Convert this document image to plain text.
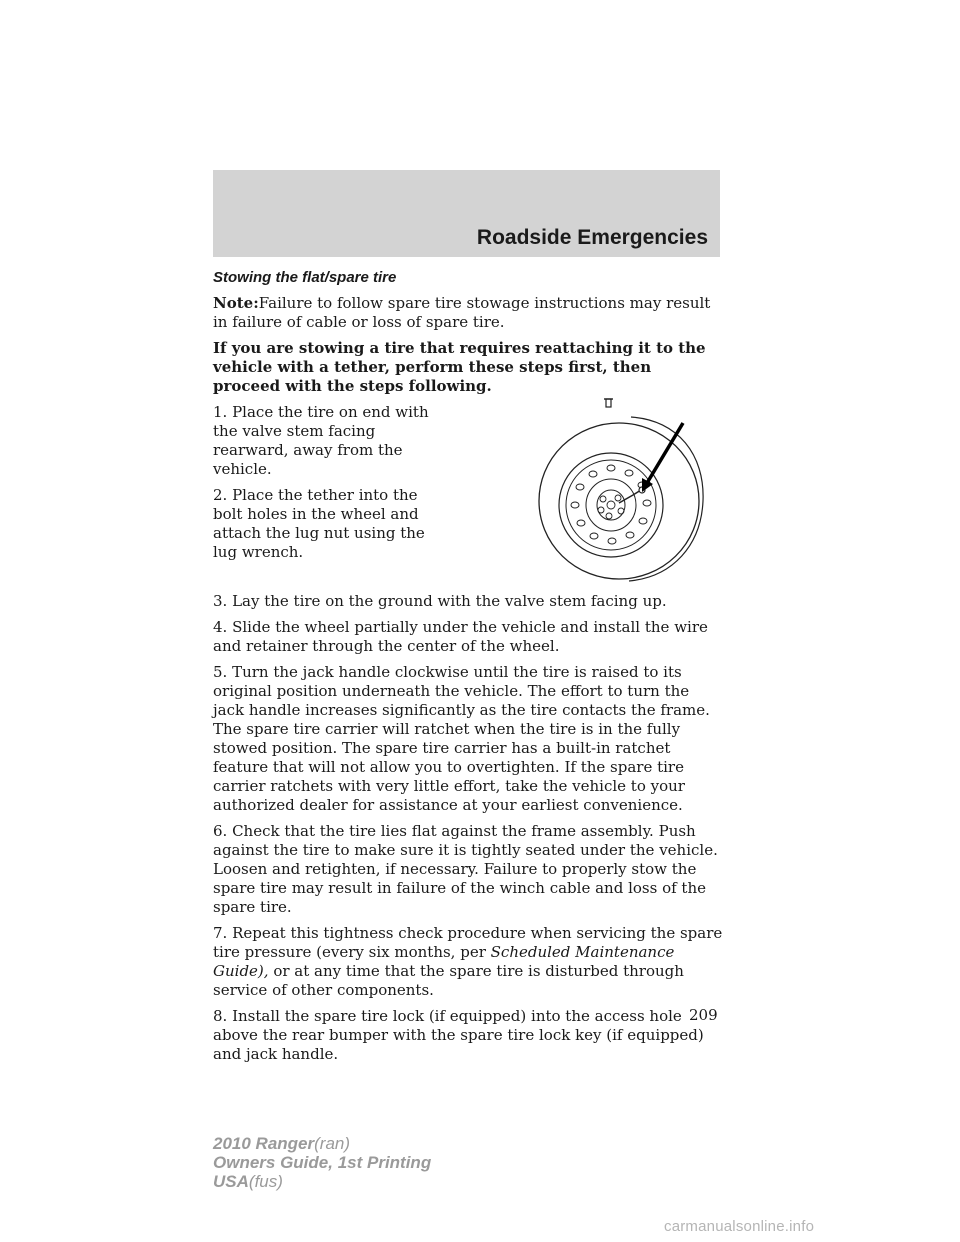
Roadside Emergencies
Stowing the flat/spare tire

Note:Failure to follow spare tire stowage instructions may result in failure of cable or loss of spare tire.

If you are stowing a tire that requires reattaching it to the vehicle with a tether, perform these steps first, then proceed with the steps following.

1. Place the tire on end with the valve stem facing rearward, away from the vehicle.

2. Place the tether into the bolt holes in the wheel and attach the lug nut using the lug wrench.

3. Lay the tire on the ground with the valve stem facing up.

4. Slide the wheel partially under the vehicle and install the wire and retainer through the center of the wheel.

5. Turn the jack handle clockwise until the tire is raised to its original position underneath the vehicle. The effort to turn the jack handle increases significantly as the tire contacts the frame. The spare tire carrier will ratchet when the tire is in the fully stowed position. The spare tire carrier has a built-in ratchet feature that will not allow you to overtighten. If the spare tire carrier ratchets with very little effort, take the vehicle to your authorized dealer for assistance at your earliest convenience.

6. Check that the tire lies flat against the frame assembly. Push against the tire to make sure it is tightly seated under the vehicle. Loosen and retighten, if necessary. Failure to properly stow the spare tire may result in failure of the winch cable and loss of the spare tire.

7. Repeat this tightness check procedure when servicing the spare tire pressure (every six months, per Scheduled Maintenance Guide), or at any time that the spare tire is disturbed through service of other components.

8. Install the spare tire lock (if equipped) into the access hole above the rear bumper with the spare tire lock key (if equipped) and jack handle.

209
2010 Ranger(ran)
Owners Guide, 1st Printing
USA(fus)
carmanualsonline.info
